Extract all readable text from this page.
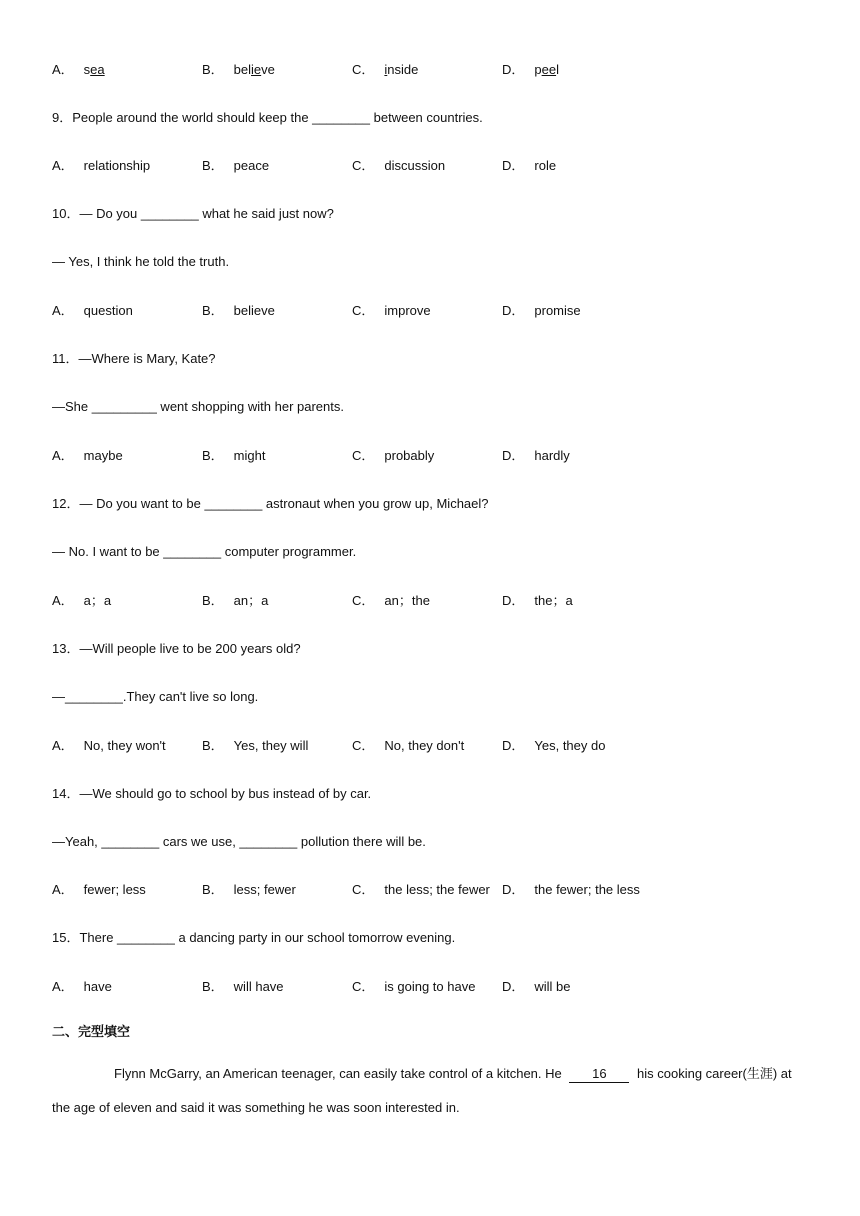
A． sea	B． believe	C． inside	D． peel
9．People around the world should keep the ________ between countries.
A． relationship	B． peace	C． discussion	D． role
10．— Do you ________ what he said just now?
— Yes, I think he told the truth.
A． question	B． believe	C． improve	D． promise
11．—Where is Mary, Kate?
—She _________ went shopping with her parents.
A． maybe	B． might	C． probably	D． hardly
12．— Do you want to be ________ astronaut when you grow up, Michael?
— No. I want to be ________ computer programmer.
A． a；a	B． an；a	C． an；the	D． the；a
13．—Will people live to be 200 years old?
—________.They can't live so long.
A． No, they won't	B． Yes, they will	C． No, they don't	D． Yes, they do
14．—We should go to school by bus instead of by car.
—Yeah, ________ cars we use, ________ pollution there will be.
A． fewer; less	B． less; fewer	C． the less; the fewer D． the fewer; the less
15．There ________ a dancing party in our school tomorrow evening.
A． have	B． will have	C． is going to have D． will be
二、完型填空
Flynn McGarry, an American teenager, can easily take control of a kitchen. He 16 his cooking career(生涯) at the age of eleven and said it was something he was soon interested in.
